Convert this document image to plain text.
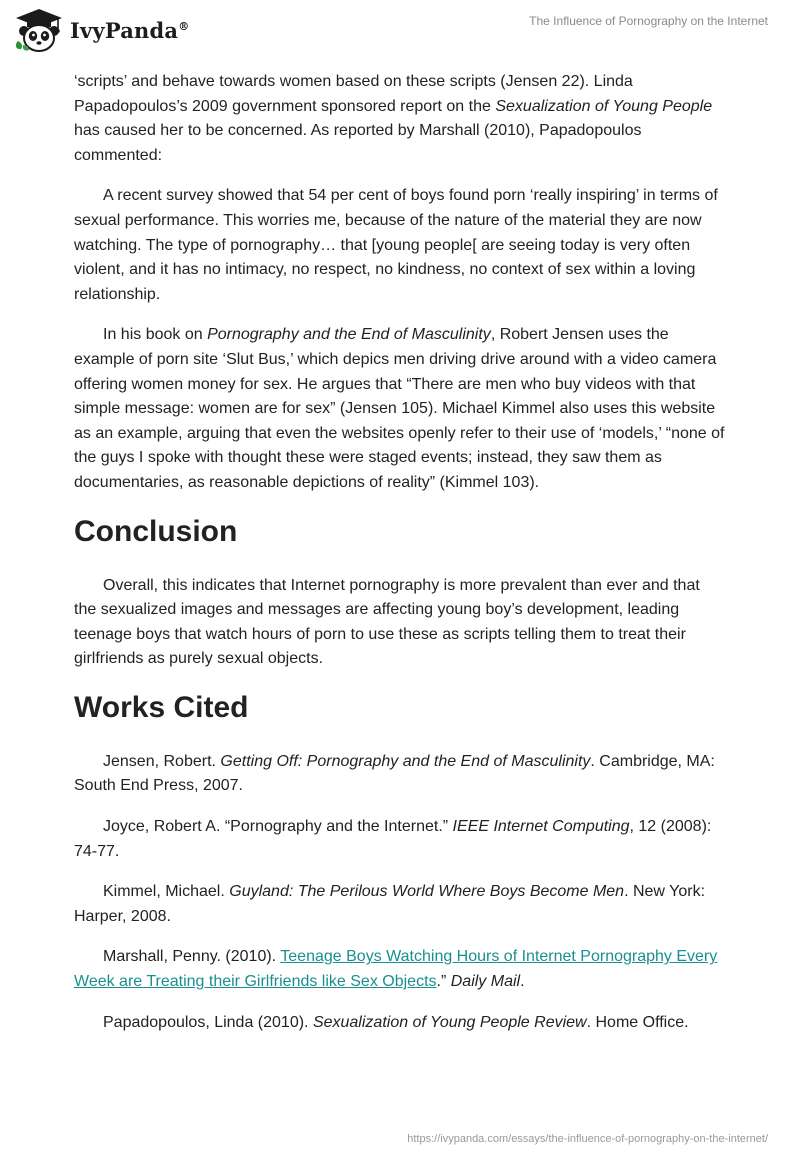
IvyPanda®	The Influence of Pornography on the Internet

‘scripts’ and behave towards women based on these scripts (Jensen 22). Linda Papadopoulos’s 2009 government sponsored report on the Sexualization of Young People has caused her to be concerned. As reported by Marshall (2010), Papadopoulos commented:

A recent survey showed that 54 per cent of boys found porn ‘really inspiring’ in terms of sexual performance. This worries me, because of the nature of the material they are now watching. The type of pornography… that [young people[ are seeing today is very often violent, and it has no intimacy, no respect, no kindness, no context of sex within a loving relationship.

In his book on Pornography and the End of Masculinity, Robert Jensen uses the example of porn site ‘Slut Bus,’ which depics men driving drive around with a video camera offering women money for sex. He argues that “There are men who buy videos with that simple message: women are for sex” (Jensen 105). Michael Kimmel also uses this website as an example, arguing that even the websites openly refer to their use of ‘models,’ “none of the guys I spoke with thought these were staged events; instead, they saw them as documentaries, as reasonable depictions of reality” (Kimmel 103).

Conclusion

Overall, this indicates that Internet pornography is more prevalent than ever and that the sexualized images and messages are affecting young boy’s development, leading teenage boys that watch hours of porn to use these as scripts telling them to treat their girlfriends as purely sexual objects.

Works Cited

Jensen, Robert. Getting Off: Pornography and the End of Masculinity. Cambridge, MA: South End Press, 2007.

Joyce, Robert A. “Pornography and the Internet.” IEEE Internet Computing, 12 (2008): 74-77.

Kimmel, Michael. Guyland: The Perilous World Where Boys Become Men. New York: Harper, 2008.

Marshall, Penny. (2010). Teenage Boys Watching Hours of Internet Pornography Every Week are Treating their Girlfriends like Sex Objects.” Daily Mail.

Papadopoulos, Linda (2010). Sexualization of Young People Review. Home Office.

https://ivypanda.com/essays/the-influence-of-pornography-on-the-internet/
